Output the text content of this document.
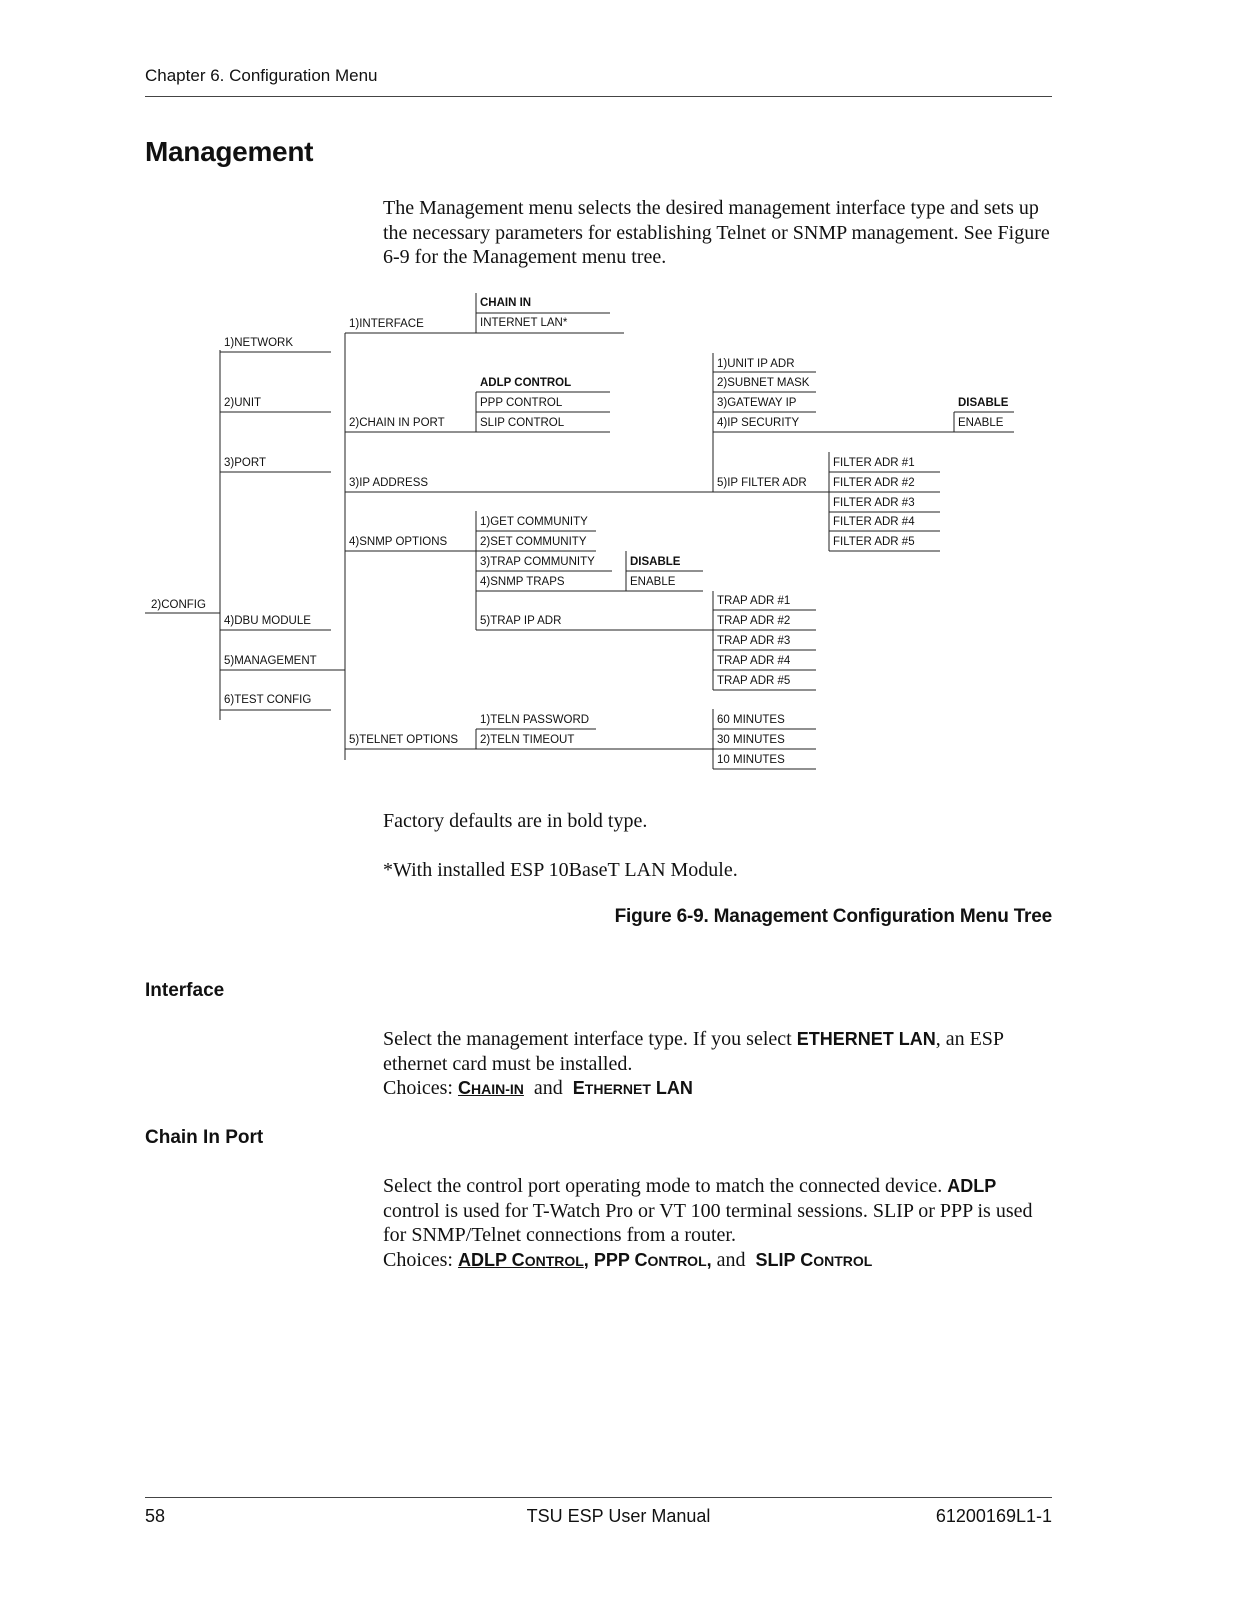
Chapter 6. Configuration Menu
Management
The Management menu selects the desired management interface type and sets up the necessary parameters for establishing Telnet or SNMP management. See Figure 6-9 for the Management menu tree.
2)CONFIG
1)NETWORK
2)UNIT
3)PORT
4)DBU MODULE
5)MANAGEMENT
6)TEST CONFIG
1)INTERFACE
2)CHAIN IN PORT
3)IP ADDRESS
4)SNMP OPTIONS
5)TELNET OPTIONS
CHAIN IN
INTERNET LAN*
ADLP CONTROL
PPP CONTROL
SLIP CONTROL
1)UNIT IP ADR
2)SUBNET MASK
3)GATEWAY IP
4)IP SECURITY
5)IP FILTER ADR
DISABLE
ENABLE
FILTER ADR #1
FILTER ADR #2
FILTER ADR #3
FILTER ADR #4
FILTER ADR #5
1)GET COMMUNITY
2)SET COMMUNITY
3)TRAP COMMUNITY
4)SNMP TRAPS
5)TRAP IP ADR
DISABLE
ENABLE
TRAP ADR #1
TRAP ADR #2
TRAP ADR #3
TRAP ADR #4
TRAP ADR #5
1)TELN PASSWORD
2)TELN TIMEOUT
60 MINUTES
30 MINUTES
10 MINUTES
Factory defaults are in bold type.
*With installed ESP 10BaseT LAN Module.
Figure 6-9. Management Configuration Menu Tree
Interface
Select the management interface type. If you select ETHERNET LAN, an ESP ethernet card must be installed.
Choices: CHAIN-IN and ETHERNET LAN
Chain In Port
Select the control port operating mode to match the connected device. ADLP control is used for T-Watch Pro or VT 100 terminal sessions. SLIP or PPP is used for SNMP/Telnet connections from a router.
Choices: ADLP CONTROL, PPP CONTROL, and SLIP CONTROL
58	TSU ESP User Manual	61200169L1-1
